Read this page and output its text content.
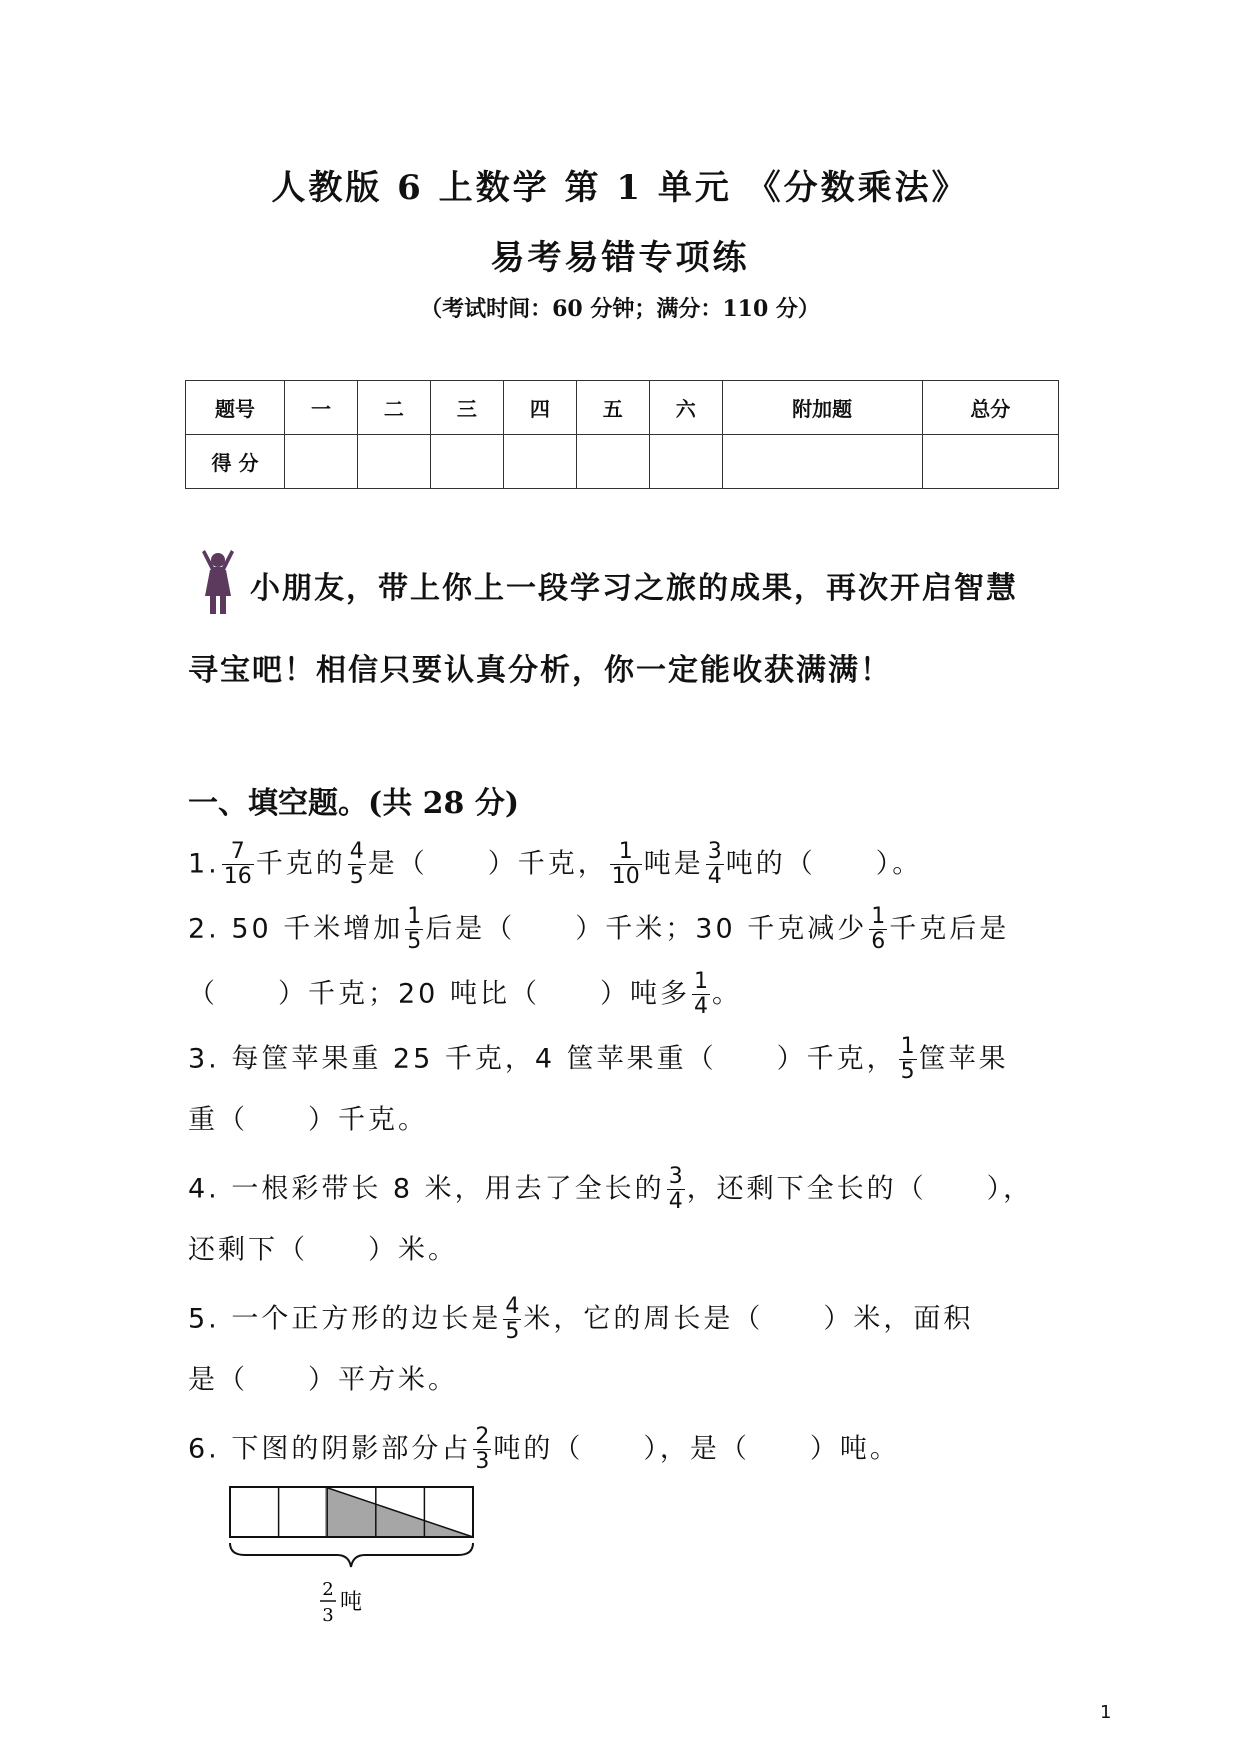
人教版 6 上数学 第 1 单元 《分数乘法》
易考易错专项练
（考试时间：60 分钟；满分：110 分）
题号	一	二	三	四	五	六	附加题	总分
得 分								
小朋友，带上你上一段学习之旅的成果，再次开启智慧
寻宝吧！相信只要认真分析，你一定能收获满满！
一、填空题。(共 28 分)
1. $\frac{7}{16}$ 千克的 $\frac{4}{5}$ 是（　　）千克， $\frac{1}{10}$ 吨是 $\frac{3}{4}$ 吨的（　　）。
2. 50 千米增加 $\frac{1}{5}$ 后是（　　）千米；30 千克减少 $\frac{1}{6}$ 千克后是
（　　）千克；20 吨比（　　）吨多 $\frac{1}{4}$ 。
3. 每筐苹果重 25 千克，4 筐苹果重（　　）千克， $\frac{1}{5}$ 筐苹果
重（　　）千克。
4. 一根彩带长 8 米，用去了全长的 $\frac{3}{4}$ ，还剩下全长的（　　），
还剩下（　　）米。
5. 一个正方形的边长是 $\frac{4}{5}$ 米，它的周长是（　　）米，面积
是（　　）平方米。
6. 下图的阴影部分占 $\frac{2}{3}$ 吨的（　　），是（　　）吨。
2
3
吨
1
